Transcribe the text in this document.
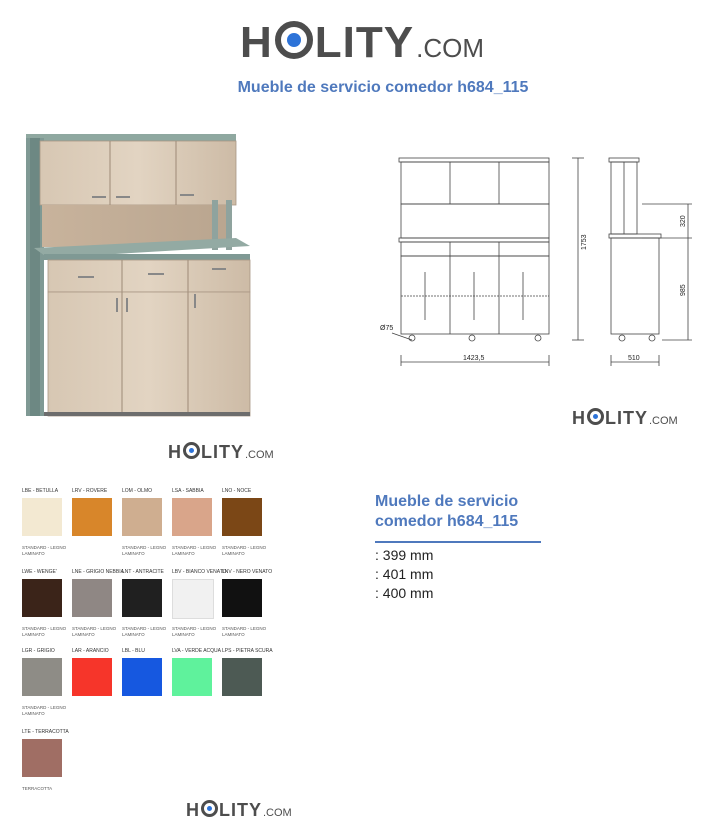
H LITY .COM
Mueble de servicio comedor h684_115
H LITY .COM
1753
320
985
1423,5	510
Ø75
H LITY .COM
LBE - BETULLA
STANDARD - LEGNO LAMINATO
LRV - ROVERE	LOM - OLMO
STANDARD - LEGNO LAMINATO
LSA - SABBIA
STANDARD - LEGNO LAMINATO
LNO - NOCE
STANDARD - LEGNO LAMINATO
LWE - WENGE'
STANDARD - LEGNO LAMINATO
LNE - GRIGIO NEBBIA
STANDARD - LEGNO LAMINATO
LNT - ANTRACITE
STANDARD - LEGNO LAMINATO
LBV - BIANCO VENATO
STANDARD - LEGNO LAMINATO
LNV - NERO VENATO
STANDARD - LEGNO LAMINATO
LGR - GRIGIO
STANDARD - LEGNO LAMINATO
LAR - ARANCIO	LBL - BLU	LVA - VERDE ACQUA LPS - PIETRA SCURA
LTE - TERRACOTTA
TERRACOTTA
H LITY .COM
Mueble de servicio comedor h684_115
: 399 mm
: 401 mm
: 400 mm
